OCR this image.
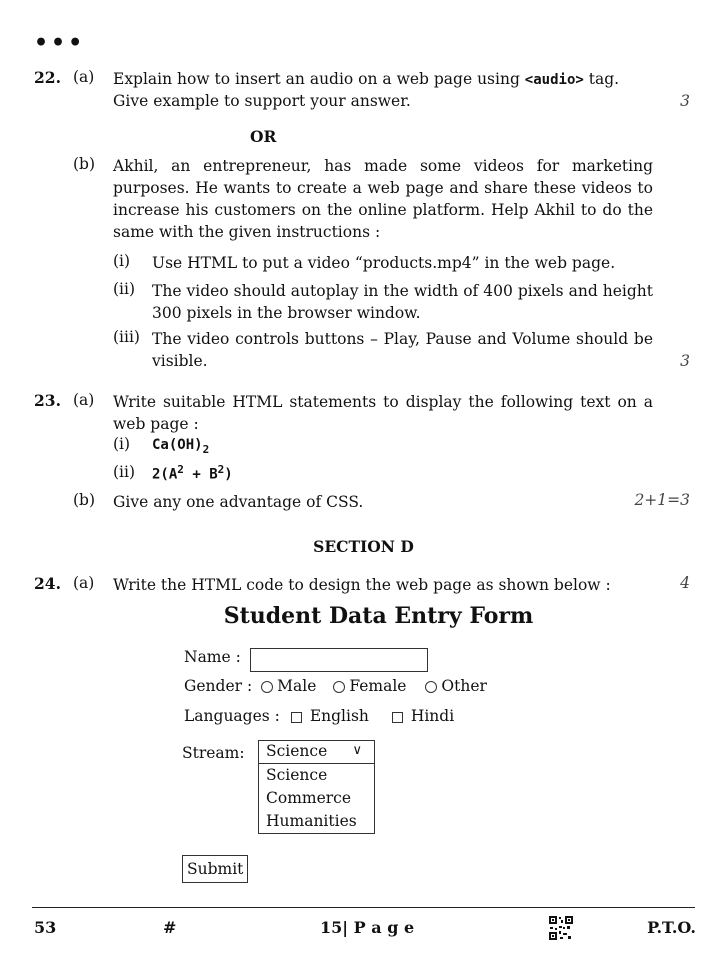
•••
22. (a) Explain how to insert an audio on a web page using <audio> tag.
Give example to support your answer.	3
OR
(b) Akhil, an entrepreneur, has made some videos for marketing purposes. He wants to create a web page and share these videos to increase his customers on the online platform. Help Akhil to do the same with the given instructions :
(i) Use HTML to put a video “products.mp4” in the web page.
(ii) The video should autoplay in the width of 400 pixels and height 300 pixels in the browser window.
(iii) The video controls buttons – Play, Pause and Volume should be visible.	3
23. (a) Write suitable HTML statements to display the following text on a web page :
(i) $Ca(OH)_2$
(ii) $2(A^2 + B^2)$
(b) Give any one advantage of CSS.	2+1=3
SECTION D
24. (a) Write the HTML code to design the web page as shown below :	4
Student Data Entry Form
Name :
Gender : Male Female Other
Languages : English	Hindi
Stream: Science ∨
Science
Commerce
Humanities
Submit
53	#	15| P a g e	P.T.O.
